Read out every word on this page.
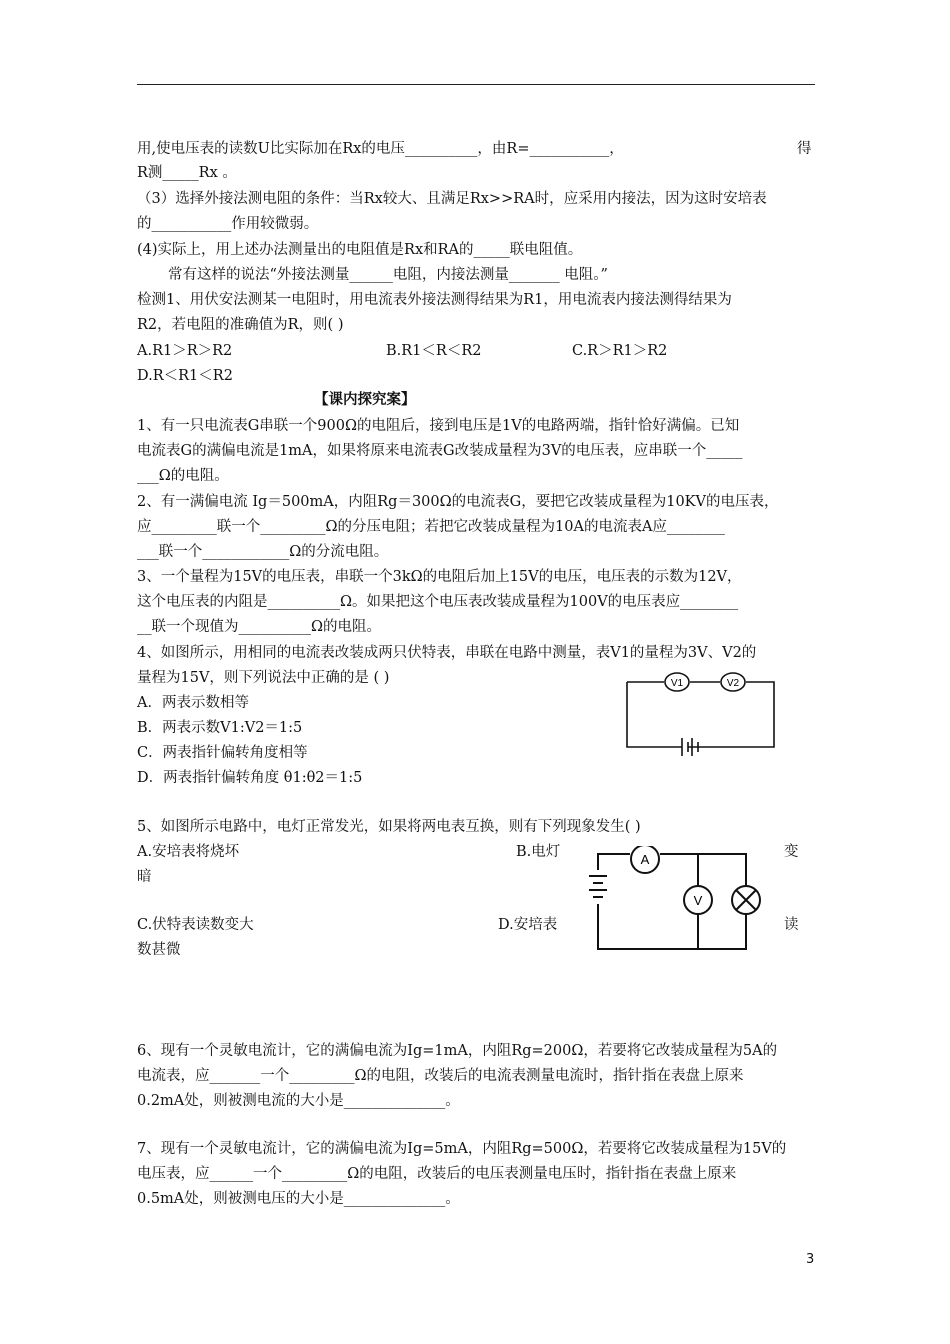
用,使电压表的读数U比实际加在Rx的电压__________，由R=___________，	得
R测_____Rx 。
（3）选择外接法测电阻的条件：当Rx较大、且满足Rx>>RA时，应采用内接法，因为这时安培表
的___________作用较微弱。
(4)实际上，用上述办法测量出的电阻值是Rx和RA的_____联电阻值。
常有这样的说法“外接法测量______电阻，内接法测量_______ 电阻。”
检测1、用伏安法测某一电阻时，用电流表外接法测得结果为R1，用电流表内接法测得结果为
R2，若电阻的准确值为R，则( )
A.R1＞R＞R2	B.R1＜R＜R2	C.R＞R1＞R2
D.R＜R1＜R2
【课内探究案】
1、有一只电流表G串联一个900Ω的电阻后，接到电压是1V的电路两端，指针恰好满偏。已知
电流表G的满偏电流是1mA，如果将原来电流表G改装成量程为3V的电压表，应串联一个_____
___Ω的电阻。
2、有一满偏电流 Ig＝500mA，内阻Rg＝300Ω的电流表G，要把它改装成量程为10KV的电压表，
应_________联一个_________Ω的分压电阻；若把它改装成量程为10A的电流表A应________
___联一个____________Ω的分流电阻。
3、一个量程为15V的电压表，串联一个3kΩ的电阻后加上15V的电压，电压表的示数为12V，
这个电压表的内阻是__________Ω。如果把这个电压表改装成量程为100V的电压表应________
__联一个现值为__________Ω的电阻。
4、如图所示，用相同的电流表改装成两只伏特表，串联在电路中测量，表V1的量程为3V、V2的
量程为15V，则下列说法中正确的是 ( )
A．两表示数相等
B．两表示数V1:V2＝1:5
C．两表指针偏转角度相等
D．两表指针偏转角度 θ1:θ2＝1:5
5、如图所示电路中，电灯正常发光，如果将两电表互换，则有下列现象发生( )
A.安培表将烧坏	B.电灯	变
暗
C.伏特表读数变大	D.安培表	读
数甚微
6、现有一个灵敏电流计，它的满偏电流为Ig=1mA，内阻Rg=200Ω，若要将它改装成量程为5A的
电流表，应_______一个_________Ω的电阻，改装后的电流表测量电流时，指针指在表盘上原来
0.2mA处，则被测电流的大小是______________。
7、现有一个灵敏电流计，它的满偏电流为Ig=5mA，内阻Rg=500Ω，若要将它改装成量程为15V的
电压表，应______一个_________Ω的电阻，改装后的电压表测量电压时，指针指在表盘上原来
0.5mA处，则被测电压的大小是______________。
V1	V2
A
V
3
